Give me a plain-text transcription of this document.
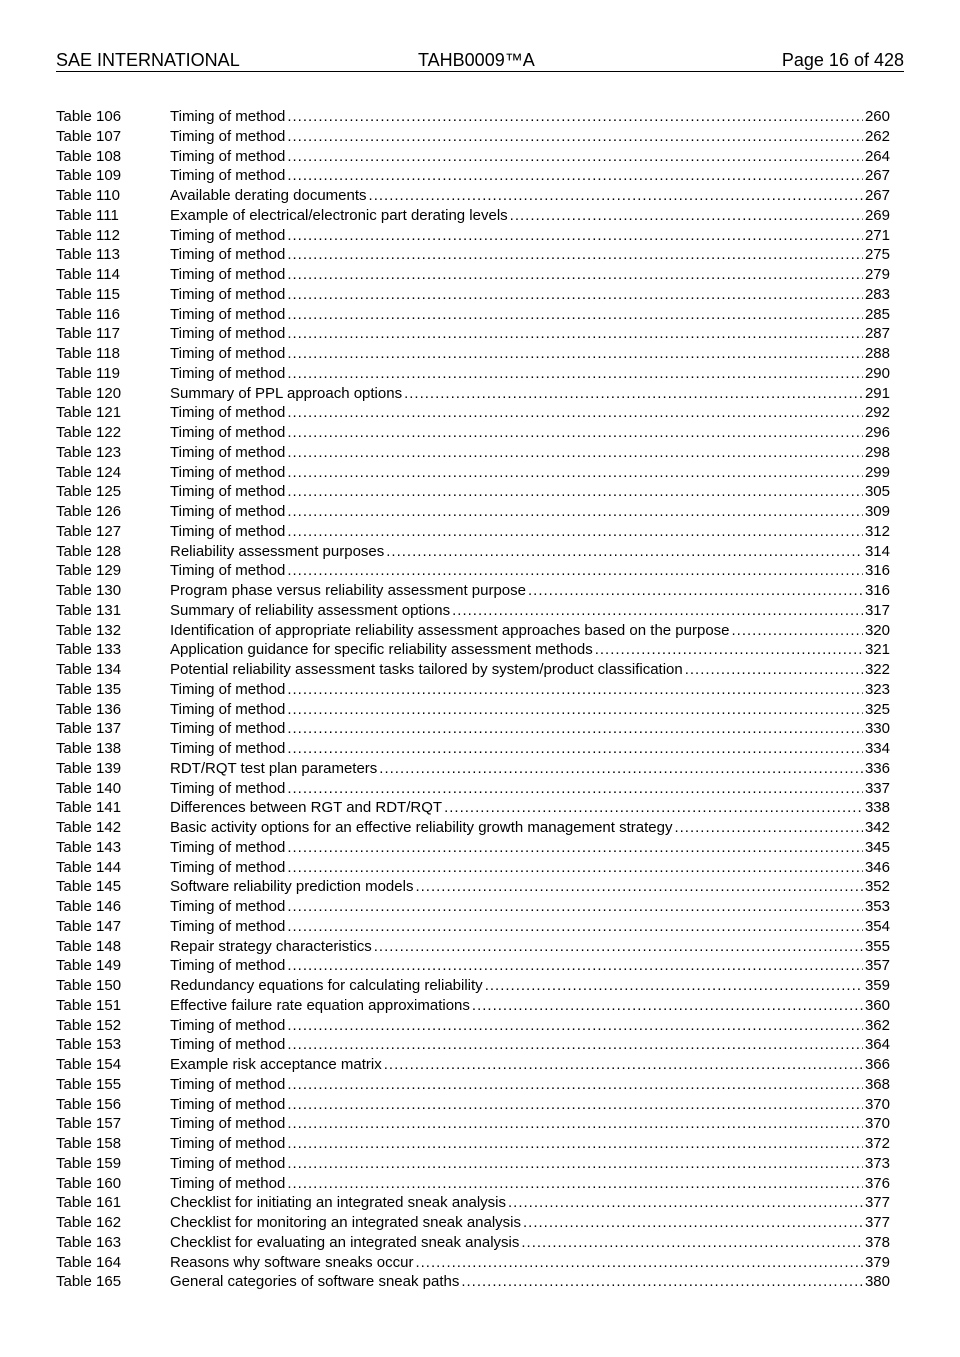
SAE INTERNATIONAL	TAHB0009™A	Page 16 of 428
Table 106	Timing of method .....	260
Table 107	Timing of method .....	262
Table 108	Timing of method .....	264
Table 109	Timing of method .....	267
Table 110	Available derating documents .....	267
Table 111	Example of electrical/electronic part derating levels .....	269
Table 112	Timing of method .....	271
Table 113	Timing of method .....	275
Table 114	Timing of method .....	279
Table 115	Timing of method .....	283
Table 116	Timing of method .....	285
Table 117	Timing of method .....	287
Table 118	Timing of method .....	288
Table 119	Timing of method .....	290
Table 120	Summary of PPL approach options .....	291
Table 121	Timing of method .....	292
Table 122	Timing of method .....	296
Table 123	Timing of method .....	298
Table 124	Timing of method .....	299
Table 125	Timing of method .....	305
Table 126	Timing of method .....	309
Table 127	Timing of method .....	312
Table 128	Reliability assessment purposes .....	314
Table 129	Timing of method .....	316
Table 130	Program phase versus reliability assessment purpose .....	316
Table 131	Summary of reliability assessment options .....	317
Table 132	Identification of appropriate reliability assessment approaches based on the purpose .....	320
Table 133	Application guidance for specific reliability assessment methods .....	321
Table 134	Potential reliability assessment tasks tailored by system/product classification .....	322
Table 135	Timing of method .....	323
Table 136	Timing of method .....	325
Table 137	Timing of method .....	330
Table 138	Timing of method .....	334
Table 139	RDT/RQT test plan parameters .....	336
Table 140	Timing of method .....	337
Table 141	Differences between RGT and RDT/RQT .....	338
Table 142	Basic activity options for an effective reliability growth management strategy .....	342
Table 143	Timing of method .....	345
Table 144	Timing of method .....	346
Table 145	Software reliability prediction models .....	352
Table 146	Timing of method .....	353
Table 147	Timing of method .....	354
Table 148	Repair strategy characteristics .....	355
Table 149	Timing of method .....	357
Table 150	Redundancy equations for calculating reliability .....	359
Table 151	Effective failure rate equation approximations .....	360
Table 152	Timing of method .....	362
Table 153	Timing of method .....	364
Table 154	Example risk acceptance matrix .....	366
Table 155	Timing of method .....	368
Table 156	Timing of method .....	370
Table 157	Timing of method .....	370
Table 158	Timing of method .....	372
Table 159	Timing of method .....	373
Table 160	Timing of method .....	376
Table 161	Checklist for initiating an integrated sneak analysis .....	377
Table 162	Checklist for monitoring an integrated sneak analysis .....	377
Table 163	Checklist for evaluating an integrated sneak analysis .....	378
Table 164	Reasons why software sneaks occur .....	379
Table 165	General categories of software sneak paths .....	380
